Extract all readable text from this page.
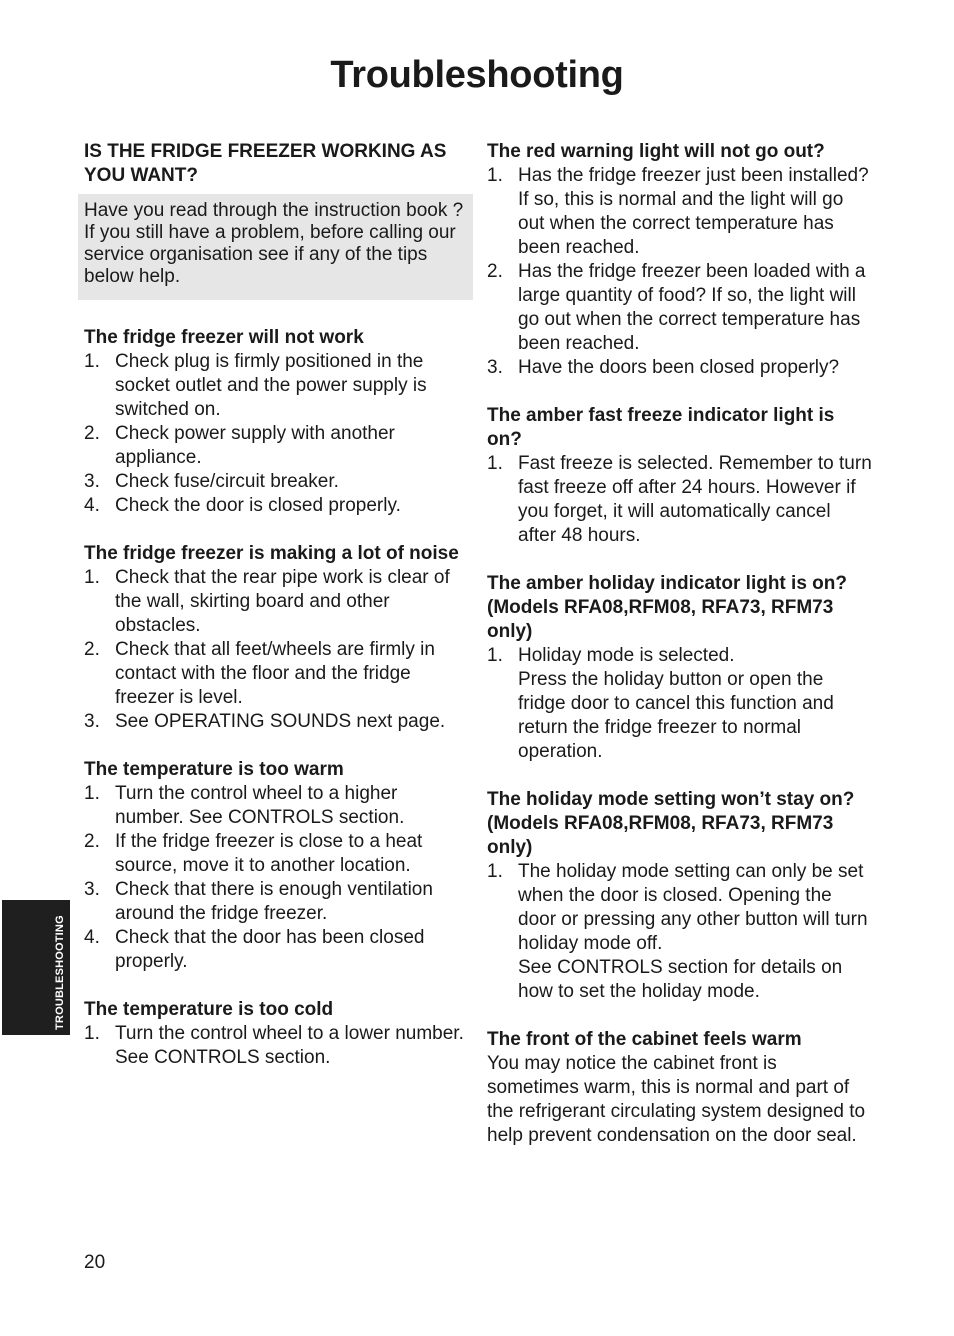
Troubleshooting

IS THE FRIDGE FREEZER WORKING AS YOU WANT?

Have you read through the instruction book ?

If you still have a problem, before calling our service organisation see if any of the tips below help.

The fridge freezer will not work

1. Check plug is firmly positioned in the socket outlet and the power supply is switched on.
2. Check power supply with another appliance.
3. Check fuse/circuit breaker.
4. Check the door is closed properly.

The fridge freezer is making a lot of noise

1. Check that the rear pipe work is clear of the wall, skirting board and other obstacles.
2. Check that all feet/wheels are firmly in contact with the floor and the fridge freezer is level.
3. See OPERATING SOUNDS next page.

The temperature is too warm

1. Turn the control wheel to a higher number. See CONTROLS section.
2. If the fridge freezer is close to a heat source, move it to another location.
3. Check that there is enough ventilation around the fridge freezer.
4. Check that the door has been closed properly.

The temperature is too cold

1. Turn the control wheel to a lower number. See CONTROLS section.

The red warning light will not go out?

1. Has the fridge freezer just been installed? If so, this is normal and the light will go out when the correct temperature has been reached.
2. Has the fridge freezer been loaded with a large quantity of food? If so, the light will go out when the correct temperature has been reached.
3. Have the doors been closed properly?

The amber fast freeze indicator light is on?

1. Fast freeze is selected. Remember to turn fast freeze off after 24 hours. However if you forget, it will automatically cancel after 48 hours.

The amber holiday indicator light is on? (Models RFA08,RFM08, RFA73, RFM73 only)

1. Holiday mode is selected.
Press the holiday button or open the fridge door to cancel this function and return the fridge freezer to normal operation.

The holiday mode setting won’t stay on? (Models RFA08,RFM08, RFA73, RFM73 only)

1. The holiday mode setting can only be set when the door is closed. Opening the door or pressing any other button will turn holiday mode off.
See CONTROLS section for details on how to set the holiday mode.

The front of the cabinet feels warm

You may notice the cabinet front is sometimes warm, this is normal and part of the refrigerant circulating system designed to help prevent condensation on the door seal.

TROUBLESHOOTING
20
